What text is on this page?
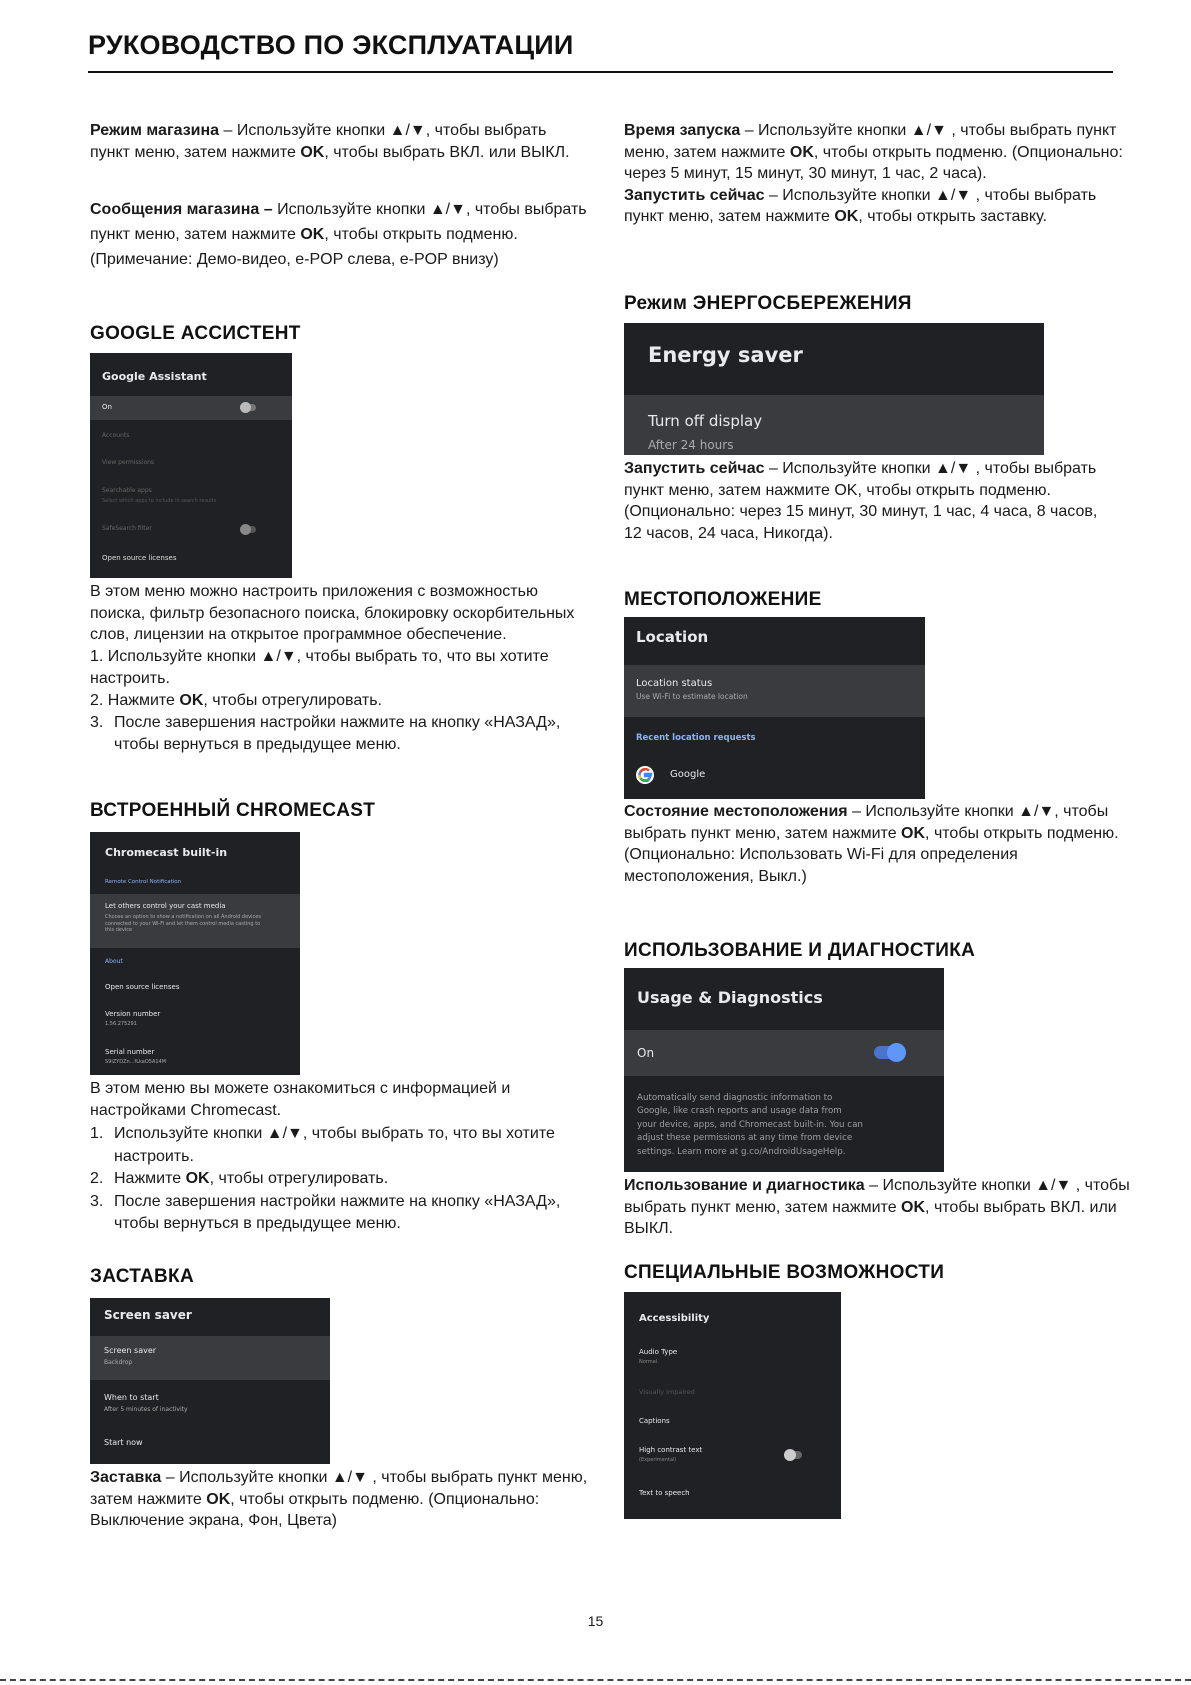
РУКОВОДСТВО ПО ЭКСПЛУАТАЦИИ

Режим магазина – Используйте кнопки ▲/▼, чтобы выбрать пункт меню, затем нажмите OK, чтобы выбрать ВКЛ. или ВЫКЛ.

Сообщения магазина – Используйте кнопки ▲/▼, чтобы выбрать пункт меню, затем нажмите OK, чтобы открыть подменю. (Примечание: Демо-видео, e-POP слева, e-POP внизу)

GOOGLE АССИСТЕНТ
Google Assistant
On
Accounts
View permissions
Searchable apps
Select which apps to include in search results
SafeSearch filter
Open source licenses

В этом меню можно настроить приложения с возможностью поиска, фильтр безопасного поиска, блокировку оскорбительных слов, лицензии на открытое программное обеспечение.

1. Используйте кнопки ▲/▼, чтобы выбрать то, что вы хотите настроить.
2. Нажмите OK, чтобы отрегулировать.
3. После завершения настройки нажмите на кнопку «НАЗАД», чтобы вернуться в предыдущее меню.
ВСТРОЕННЫЙ CHROMECAST
Chromecast built-in
Remote Control Notification
Let others control your cast media
Choose an option to show a notification on all Android devices connected to your Wi-Fi and let them control media casting to this device
About
Open source licenses
Version number
1.56.275291
Serial number
S9iZYDZn...fLkaO5A14M

В этом меню вы можете ознакомиться с информацией и настройками Chromecast.

1. Используйте кнопки ▲/▼, чтобы выбрать то, что вы хотите настроить.
2. Нажмите OK, чтобы отрегулировать.
3. После завершения настройки нажмите на кнопку «НАЗАД», чтобы вернуться в предыдущее меню.
ЗАСТАВКА
Screen saver
Screen saver
Backdrop
When to start
After 5 minutes of inactivity
Start now

Заставка – Используйте кнопки ▲/▼ , чтобы выбрать пункт меню, затем нажмите OK, чтобы открыть подменю. (Опционально: Выключение экрана, Фон, Цвета)

Время запуска – Используйте кнопки ▲/▼ , чтобы выбрать пункт меню, затем нажмите OK, чтобы открыть подменю. (Опционально: через 5 минут, 15 минут, 30 минут, 1 час, 2 часа).

Запустить сейчас – Используйте кнопки ▲/▼ , чтобы выбрать пункт меню, затем нажмите OK, чтобы открыть заставку.

Режим ЭНЕРГОСБЕРЕЖЕНИЯ
Energy saver
Turn off display
After 24 hours

Запустить сейчас – Используйте кнопки ▲/▼ , чтобы выбрать пункт меню, затем нажмите OK, чтобы открыть подменю.

(Опционально: через 15 минут, 30 минут, 1 час, 4 часа, 8 часов, 12 часов, 24 часа, Никогда).

МЕСТОПОЛОЖЕНИЕ
Location
Location status
Use Wi-Fi to estimate location
Recent location requests
Google

Состояние местоположения – Используйте кнопки ▲/▼, чтобы выбрать пункт меню, затем нажмите OK, чтобы открыть подменю.

(Опционально: Использовать Wi-Fi для определения местоположения, Выкл.)

ИСПОЛЬЗОВАНИЕ И ДИАГНОСТИКА
Usage & Diagnostics
On
Automatically send diagnostic information to
Google, like crash reports and usage data from
your device, apps, and Chromecast built-in. You can
adjust these permissions at any time from device
settings. Learn more at g.co/AndroidUsageHelp.

Использование и диагностика – Используйте кнопки ▲/▼ , чтобы выбрать пункт меню, затем нажмите OK, чтобы выбрать ВКЛ. или ВЫКЛ.

СПЕЦИАЛЬНЫЕ ВОЗМОЖНОСТИ
Accessibility
Audio Type
Normal
Visually impaired
Captions
High contrast text
(Experimental)
Text to speech
15
